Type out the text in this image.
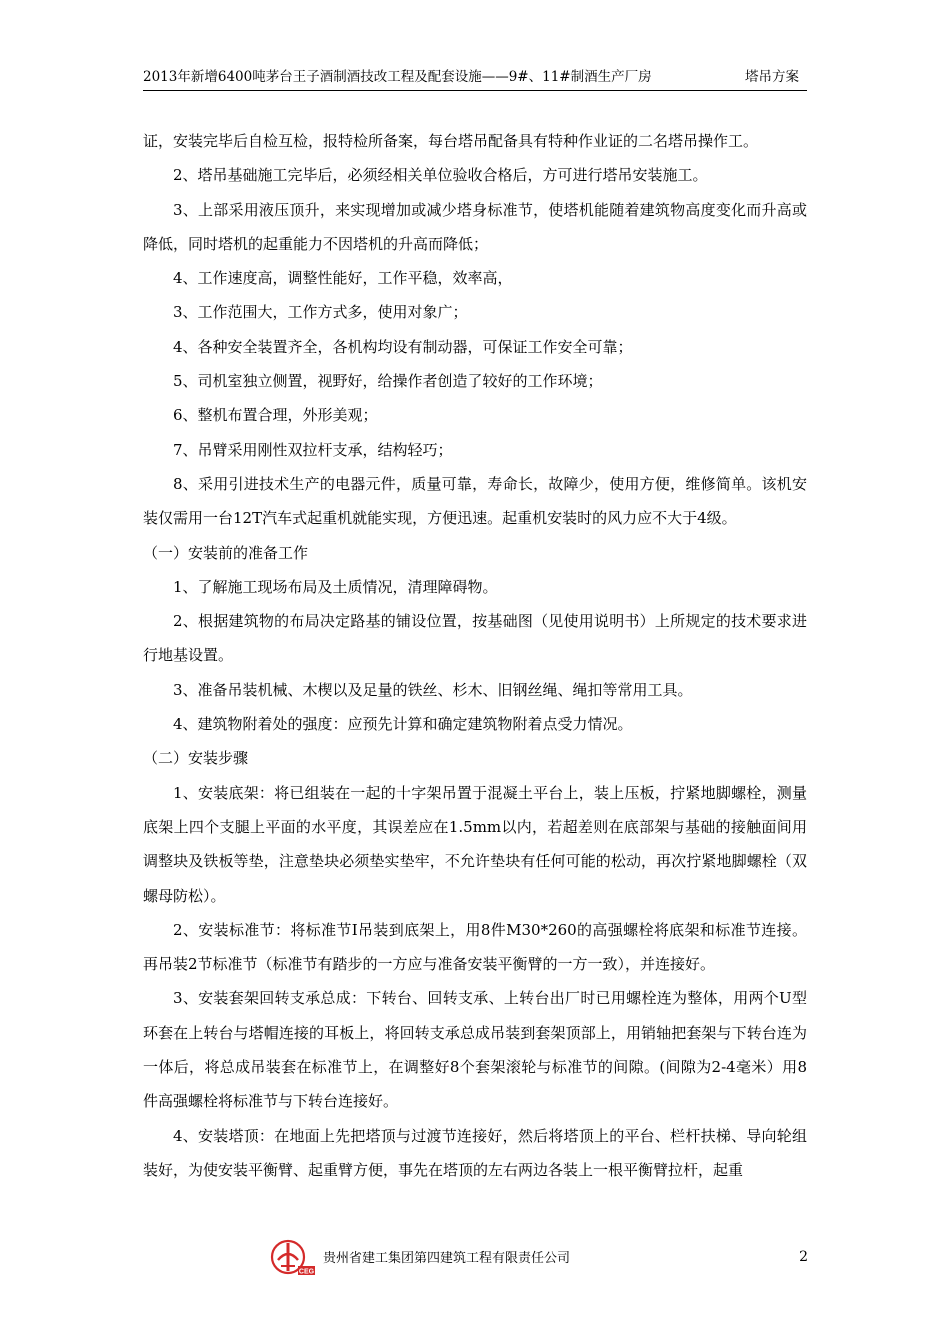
2013年新增6400吨茅台王子酒制酒技改工程及配套设施——9#、11#制酒生产厂房	塔吊方案

证，安装完毕后自检互检，报特检所备案，每台塔吊配备具有特种作业证的二名塔吊操作工。

2、塔吊基础施工完毕后，必须经相关单位验收合格后，方可进行塔吊安装施工。

3、上部采用液压顶升，来实现增加或减少塔身标准节，使塔机能随着建筑物高度变化而升高或降低，同时塔机的起重能力不因塔机的升高而降低；

4、工作速度高，调整性能好，工作平稳，效率高，

3、工作范围大，工作方式多，使用对象广；

4、各种安全装置齐全，各机构均设有制动器，可保证工作安全可靠；

5、司机室独立侧置，视野好，给操作者创造了较好的工作环境；

6、整机布置合理，外形美观；

7、吊臂采用刚性双拉杆支承，结构轻巧；

8、采用引进技术生产的电器元件，质量可靠，寿命长，故障少，使用方便，维修简单。该机安装仅需用一台12T汽车式起重机就能实现，方便迅速。起重机安装时的风力应不大于4级。

（一）安装前的准备工作

1、了解施工现场布局及土质情况，清理障碍物。

2、根据建筑物的布局决定路基的铺设位置，按基础图（见使用说明书）上所规定的技术要求进行地基设置。

3、准备吊装机械、木楔以及足量的铁丝、杉木、旧钢丝绳、绳扣等常用工具。

4、建筑物附着处的强度：应预先计算和确定建筑物附着点受力情况。

（二）安装步骤

1、安装底架：将已组装在一起的十字架吊置于混凝土平台上，装上压板，拧紧地脚螺栓，测量底架上四个支腿上平面的水平度，其误差应在1.5mm以内，若超差则在底部架与基础的接触面间用调整块及铁板等垫，注意垫块必须垫实垫牢，不允许垫块有任何可能的松动，再次拧紧地脚螺栓（双螺母防松）。

2、安装标准节：将标准节Ⅰ吊装到底架上，用8件M30*260的高强螺栓将底架和标准节连接。再吊装2节标准节（标准节有踏步的一方应与准备安装平衡臂的一方一致），并连接好。

3、安装套架回转支承总成：下转台、回转支承、上转台出厂时已用螺栓连为整体，用两个U型环套在上转台与塔帽连接的耳板上，将回转支承总成吊装到套架顶部上，用销轴把套架与下转台连为一体后，将总成吊装套在标准节上，在调整好8个套架滚轮与标准节的间隙。(间隙为2-4毫米）用8件高强螺栓将标准节与下转台连接好。

4、安装塔顶：在地面上先把塔顶与过渡节连接好，然后将塔顶上的平台、栏杆扶梯、导向轮组装好，为使安装平衡臂、起重臂方便，事先在塔顶的左右两边各装上一根平衡臂拉杆，起重

CEG
贵州省建工集团第四建筑工程有限责任公司	2
